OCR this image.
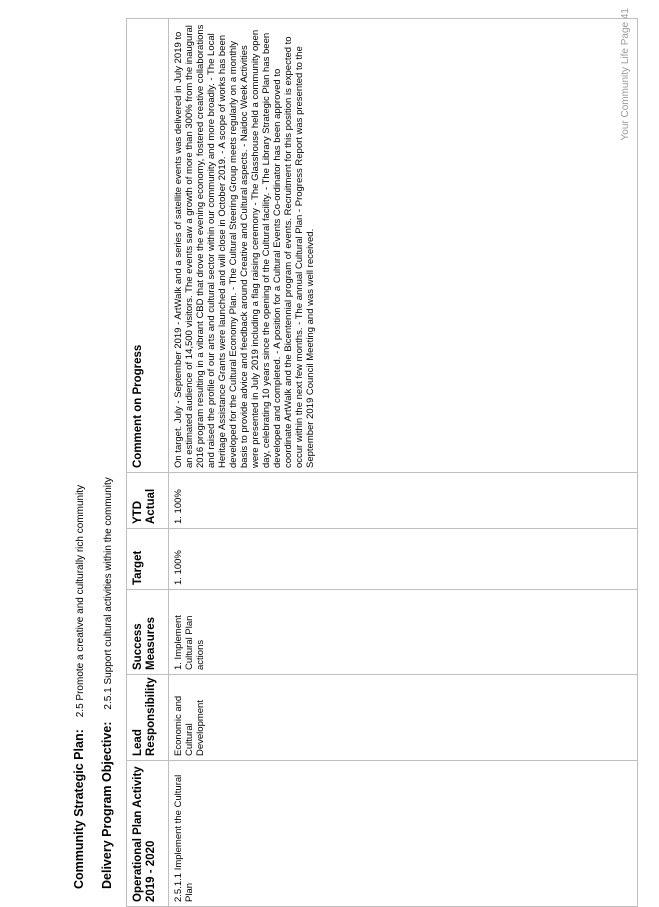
Community Strategic Plan:
2.5 Promote a creative and culturally rich community
Delivery Program Objective:
2.5.1 Support cultural activities within the community
Operational Plan Activity 2019 - 2020	Lead Responsibility	Success Measures	Target	YTD Actual	Comment on Progress
2.5.1.1 Implement the Cultural Plan	Economic and Cultural Development	1. Implement Cultural Plan actions	1. 100%	1. 100%	On target. July - September 2019 - ArtWalk and a series of satellite events was delivered in July 2019 to an estimated audience of 14,500 visitors. The events saw a growth of more than 300% from the inaugural 2016 program resulting in a vibrant CBD that drove the evening economy, fostered creative collaborations and raised the profile of our arts and cultural sector within our community and more broadly. - The Local Heritage Assistance Grants were launched and will close in October 2019. - A scope of works has been developed for the Cultural Economy Plan. - The Cultural Steering Group meets regularly on a monthly basis to provide advice and feedback around Creative and Cultural aspects. - Naidoc Week Activities were presented in July 2019 including a flag raising ceremony - The Glasshouse held a community open day, celebrating 10 years since the opening of the Cultural facility. - The Library Strategic Plan has been developed and completed. - A position for a Cultural Events Co-ordinator has been approved to coordinate ArtWalk and the Bicentennial program of events. Recruitment for this position is expected to occur within the next few months. - The annual Cultural Plan - Progress Report was presented to the September 2019 Council Meeting and was well received.
Your Community Life Page 41
